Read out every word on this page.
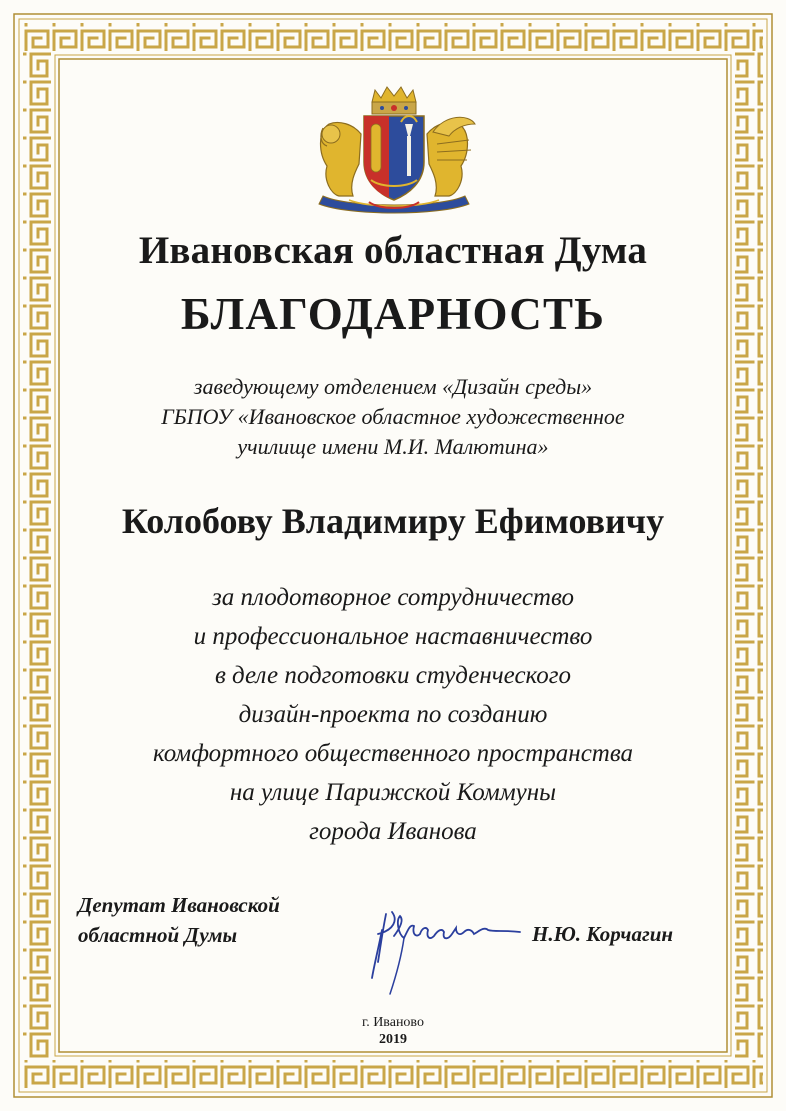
Ивановская областная Дума
БЛАГОДАРНОСТЬ
заведующему отделением «Дизайн среды»
ГБПОУ «Ивановское областное художественное
училище имени М.И. Малютина»
Колобову Владимиру Ефимовичу
за плодотворное сотрудничество
и профессиональное наставничество
в деле подготовки студенческого
дизайн-проекта по созданию
комфортного общественного пространства
на улице Парижской Коммуны
города Иванова
Депутат Ивановской
областной Думы	Н.Ю. Корчагин
г. Иваново
2019
